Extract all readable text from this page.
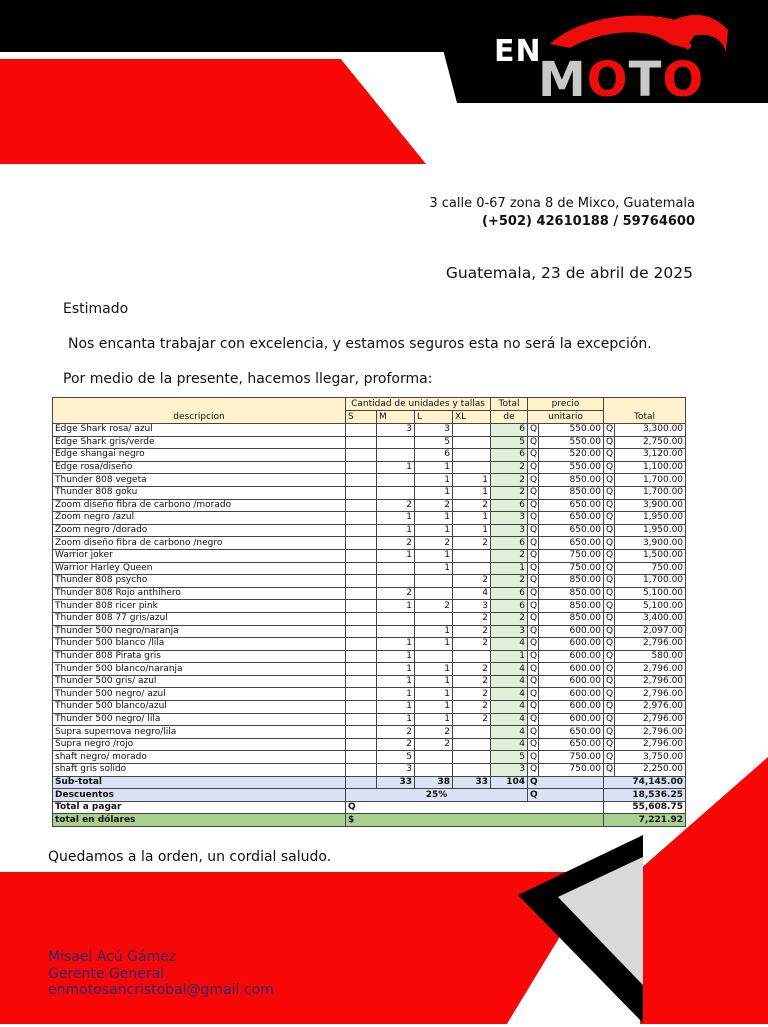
EN
MOTO
3 calle 0-67 zona 8 de Mixco, Guatemala
(+502) 42610188 / 59764600
Guatemala, 23 de abril de 2025
Estimado
Nos encanta trabajar con excelencia, y estamos seguros esta no será la excepción.
Por medio de la presente, hacemos llegar, proforma:
descripcion	Cantidad de unidades y tallas				Total	precio		Total	
	S	M	L	XL	de	unitario			
Edge Shark rosa/ azul		3	3		6	Q	550.00	Q	3,300.00
Edge Shark gris/verde			5		5	Q	550.00	Q	2,750.00
Edge shangai negro			6		6	Q	520.00	Q	3,120.00
Edge rosa/diseño		1	1		2	Q	550.00	Q	1,100.00
Thunder 808 vegeta			1	1	2	Q	850.00	Q	1,700.00
Thunder 808 goku			1	1	2	Q	850.00	Q	1,700.00
Zoom diseño fibra de carbono /morado		2	2	2	6	Q	650.00	Q	3,900.00
Zoom negro /azul		1	1	1	3	Q	650.00	Q	1,950.00
Zoom negro /dorado		1	1	1	3	Q	650.00	Q	1,950.00
Zoom diseño fibra de carbono /negro		2	2	2	6	Q	650.00	Q	3,900.00
Warrior joker		1	1		2	Q	750.00	Q	1,500.00
Warrior Harley Queen			1		1	Q	750.00	Q	750.00
Thunder 808 psycho				2	2	Q	850.00	Q	1,700.00
Thunder 808 Rojo anthihero		2		4	6	Q	850.00	Q	5,100.00
Thunder 808 ricer pink		1	2	3	6	Q	850.00	Q	5,100.00
Thunder 808 77 gris/azul				2	2	Q	850.00	Q	3,400.00
Thunder 500 negro/naranja			1	2	3	Q	600.00	Q	2,097.00
Thunder 500 blanco /lila		1	1	2	4	Q	600.00	Q	2,796.00
Thunder 808 Pirata gris		1			1	Q	600.00	Q	580.00
Thunder 500 blanco/naranja		1	1	2	4	Q	600.00	Q	2,796.00
Thunder 500 gris/ azul		1	1	2	4	Q	600.00	Q	2,796.00
Thunder 500 negro/ azul		1	1	2	4	Q	600.00	Q	2,796.00
Thunder 500 blanco/azul		1	1	2	4	Q	600.00	Q	2,976.00
Thunder 500 negro/ lila		1	1	2	4	Q	600.00	Q	2,796.00
Supra supernova negro/lila		2	2		4	Q	650.00	Q	2,796.00
Supra negro /rojo		2	2		4	Q	650.00	Q	2,796.00
shaft negro/ morado		5			5	Q	750.00	Q	3,750.00
shaft gris solido		3			3	Q	750.00	Q	2,250.00
Sub-total		33	38	33	104	Q		74,145.00	
Descuentos	25%					Q		18,536.25	
Total a pagar	Q							55,608.75	
total en dólares	$							7,221.92	
Quedamos a la orden, un cordial saludo.
Misael Acú Gámez
Gerente General
enmotosancristobal@gmail.com
